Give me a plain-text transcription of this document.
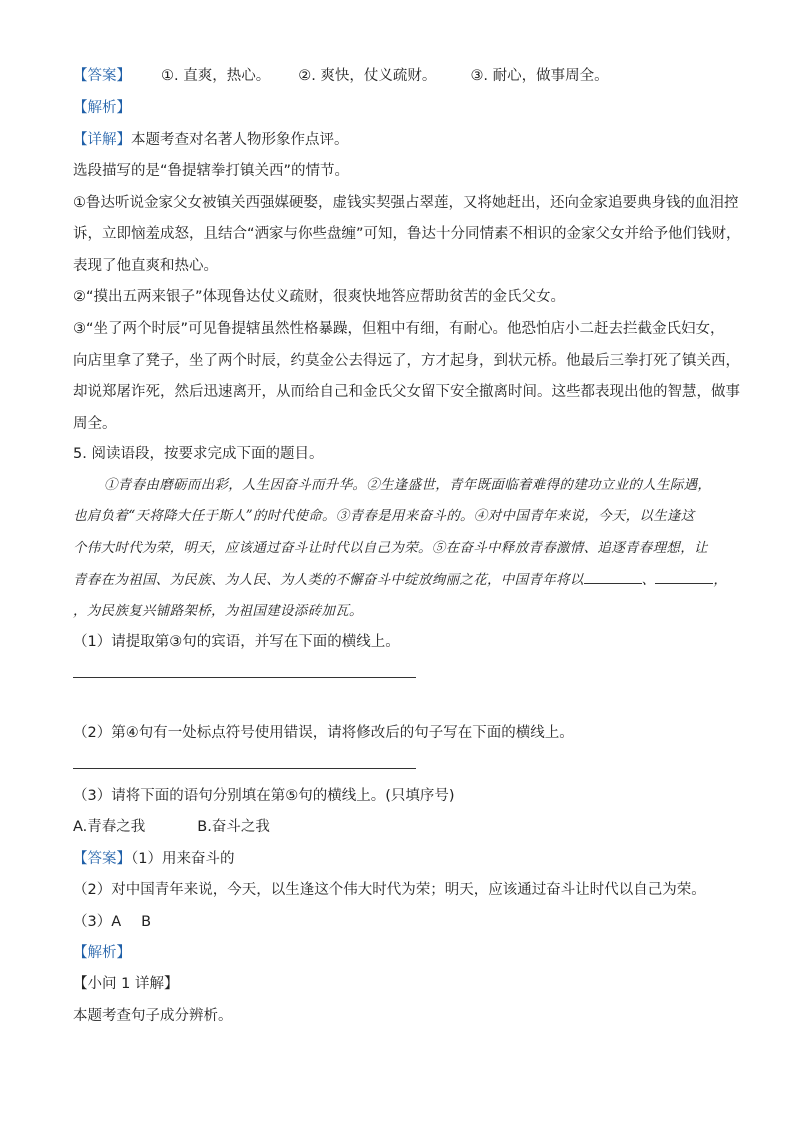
【答案】 ①. 直爽，热心。 ②. 爽快，仗义疏财。 ③. 耐心，做事周全。
【解析】
【详解】本题考查对名著人物形象作点评。
选段描写的是“鲁提辖拳打镇关西”的情节。
①鲁达听说金家父女被镇关西强媒硬娶，虚钱实契强占翠莲，又将她赶出，还向金家追要典身钱的血泪控
诉，立即恼羞成怒，且结合“洒家与你些盘缠”可知，鲁达十分同情素不相识的金家父女并给予他们钱财，
表现了他直爽和热心。
②“摸出五两来银子”体现鲁达仗义疏财，很爽快地答应帮助贫苦的金氏父女。
③“坐了两个时辰”可见鲁提辖虽然性格暴躁，但粗中有细，有耐心。他恐怕店小二赶去拦截金氏妇女，
向店里拿了凳子，坐了两个时辰，约莫金公去得远了，方才起身，到状元桥。他最后三拳打死了镇关西，
却说郑屠诈死，然后迅速离开，从而给自己和金氏父女留下安全撤离时间。这些都表现出他的智慧，做事
周全。
5. 阅读语段，按要求完成下面的题目。
①青春由磨砺而出彩，人生因奋斗而升华。②生逢盛世，青年既面临着难得的建功立业的人生际遇，
也肩负着“天将降大任于斯人”的时代使命。③青春是用来奋斗的。④对中国青年来说，今天，以生逢这
个伟大时代为荣，明天，应该通过奋斗让时代以自己为荣。⑤在奋斗中释放青春激情、追逐青春理想，让
青春在为祖国、为民族、为人民、为人类的不懈奋斗中绽放绚丽之花，中国青年将以	、	，
，为民族复兴铺路架桥，为祖国建设添砖加瓦。
（1）请提取第③句的宾语，并写在下面的横线上。
（2）第④句有一处标点符号使用错误，请将修改后的句子写在下面的横线上。
（3）请将下面的语句分别填在第⑤句的横线上。(只填序号)
A.青春之我	B.奋斗之我
【答案】（1）用来奋斗的
（2）对中国青年来说，今天，以生逢这个伟大时代为荣；明天，应该通过奋斗让时代以自己为荣。
（3）A B
【解析】
【小问 1 详解】
本题考查句子成分辨析。
